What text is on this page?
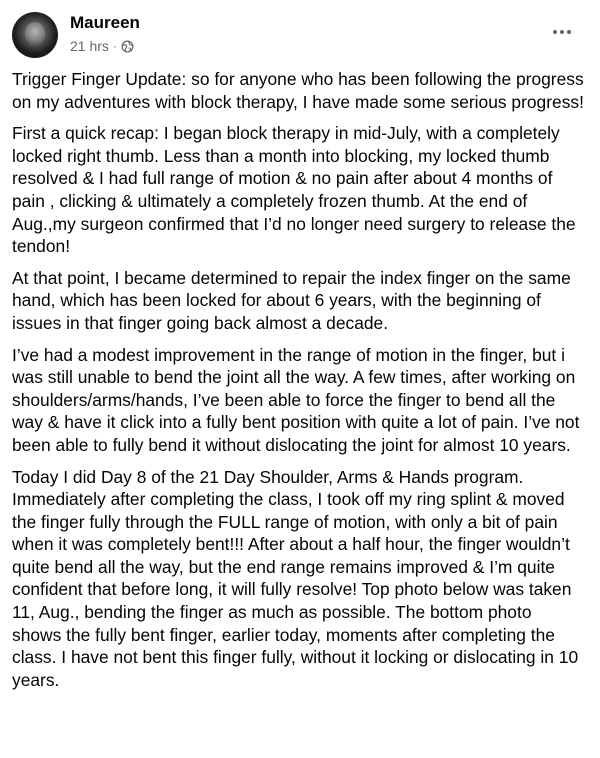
Maureen
21 hrs ·

Trigger Finger Update: so for anyone who has been following the progress on my adventures with block therapy, I have made some serious progress!

First a quick recap: I began block therapy in mid-July, with a completely locked right thumb. Less than a month into blocking, my locked thumb resolved & I had full range of motion & no pain after about 4 months of pain , clicking & ultimately a completely frozen thumb. At the end of Aug.,my surgeon confirmed that I’d no longer need surgery to release the tendon!

At that point, I became determined to repair the index finger on the same hand, which has been locked for about 6 years, with the beginning of issues in that finger going back almost a decade.

I’ve had a modest improvement in the range of motion in the finger, but i was still unable to bend the joint all the way. A few times, after working on shoulders/arms/hands, I’ve been able to force the finger to bend all the way & have it click into a fully bent position with quite a lot of pain. I’ve not been able to fully bend it without dislocating the joint for almost 10 years.

Today I did Day 8 of the 21 Day Shoulder, Arms & Hands program. Immediately after completing the class, I took off my ring splint & moved the finger fully through the FULL range of motion, with only a bit of pain when it was completely bent!!! After about a half hour, the finger wouldn’t quite bend all the way, but the end range remains improved & I’m quite confident that before long, it will fully resolve! Top photo below was taken 11, Aug., bending the finger as much as possible. The bottom photo shows the fully bent finger, earlier today, moments after completing the class. I have not bent this finger fully, without it locking or dislocating in 10 years.
